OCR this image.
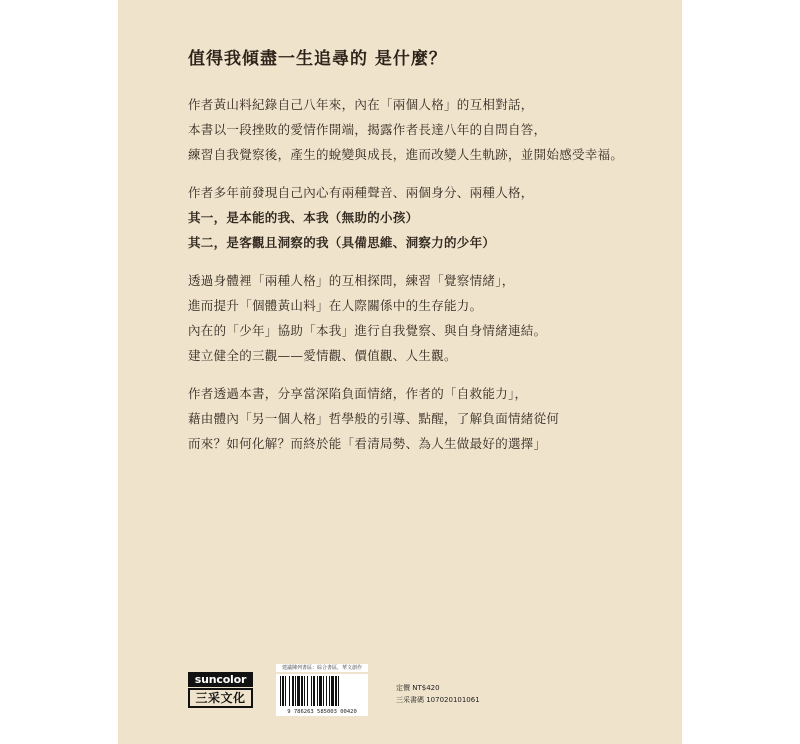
值得我傾盡一生追尋的 是什麼？
作者黃山料紀錄自己八年來，內在「兩個人格」的互相對話，
本書以一段挫敗的愛情作開端，揭露作者長達八年的自問自答，
練習自我覺察後，產生的蛻變與成長，進而改變人生軌跡，並開始感受幸福。
作者多年前發現自己內心有兩種聲音、兩個身分、兩種人格，
其一，是本能的我、本我（無助的小孩）
其二，是客觀且洞察的我（具備思維、洞察力的少年）
透過身體裡「兩種人格」的互相探問，練習「覺察情緒」，
進而提升「個體黃山料」在人際關係中的生存能力。
內在的「少年」協助「本我」進行自我覺察、與自身情緒連結。
建立健全的三觀——愛情觀、價值觀、人生觀。
作者透過本書，分享當深陷負面情緒，作者的「自救能力」，
藉由體內「另一個人格」哲學般的引導、點醒，了解負面情緒從何
而來？如何化解？而終於能「看清局勢、為人生做最好的選擇」
suncolor
三采文化
建議陳列書區：綜合書區，華文創作
9 786263 585003 00420
定價 NT$420
三采書碼 107020101061
